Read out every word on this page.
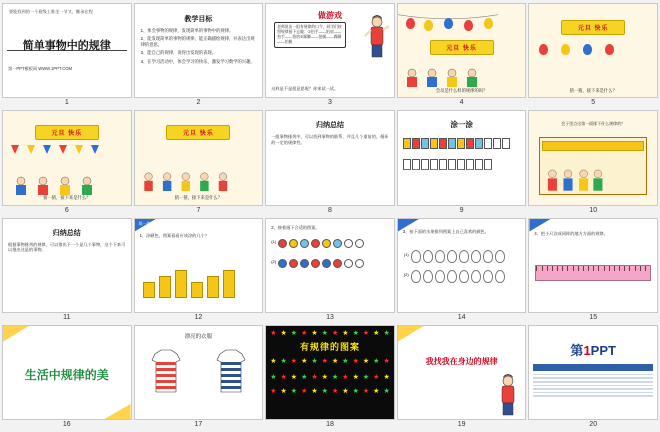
要能找到的一个班级上谁坐一节又，继承在程
简单事物中的规律
第一PPT模板网 WWW.1PPT.COM
1
教学目标

1、体会事物的规律，发现简单的事物中的规律。

2、能发现简单的事物的规律，能正确描绘规律，并表达出规律的意思。

3、能自己的规律，说得出发现的表现。

4、在学习活动中，体会学习的快乐，激发学习数学的兴趣。

2
做游戏
老师说出一组有规律的口令，同学们按照规律接下去做：①拍手——拍肩——拍手——拍肩②跺脚——拍腿——跺脚——拍腿
这样是不是很意思呢？你来试一试。
3
元旦 快乐
会员是什么样的规律的吗？
4
元旦 快乐
猜一猜，接下来是什么？
5
元旦 快乐
猜一猜，接下来是什么？
6
元旦 快乐
猜一猜，接下来是什么？
7
归纳总结

一组事物排列中，可以找到事物的联系，并且几个重复的，循环的一定的规律性。

8
涂一涂
9
会子里点这第一面排下什么规律的？
10
归纳总结

根据事物排列的规律，可以推出下一个是几个事物，这个下来可以推出这是的事物。

11
练一练
1、涂颜色，图案看看应该涂的几个？
12
2、接着画下合适的图案。
(1)
(2)
13
3、按下面的水果排列图案上自己喜欢的颜色。
(1)
(2)
14
4、把小尺涂成同样的地方方面的规律。
15
生活中规律的美
16
漂亮的衣服
17
★ ★ ★ ★ ★ ★ ★ ★ ★ ★ ★ ★
有规律的图案
★ ★ ★ ★ ★ ★ ★ ★ ★ ★ ★ ★
★ ★ ★ ★ ★ ★ ★ ★ ★ ★ ★ ★
★ ★ ★ ★ ★ ★ ★ ★ ★ ★ ★ ★
18
我找我在身边的规律
19
第1PPT
20
